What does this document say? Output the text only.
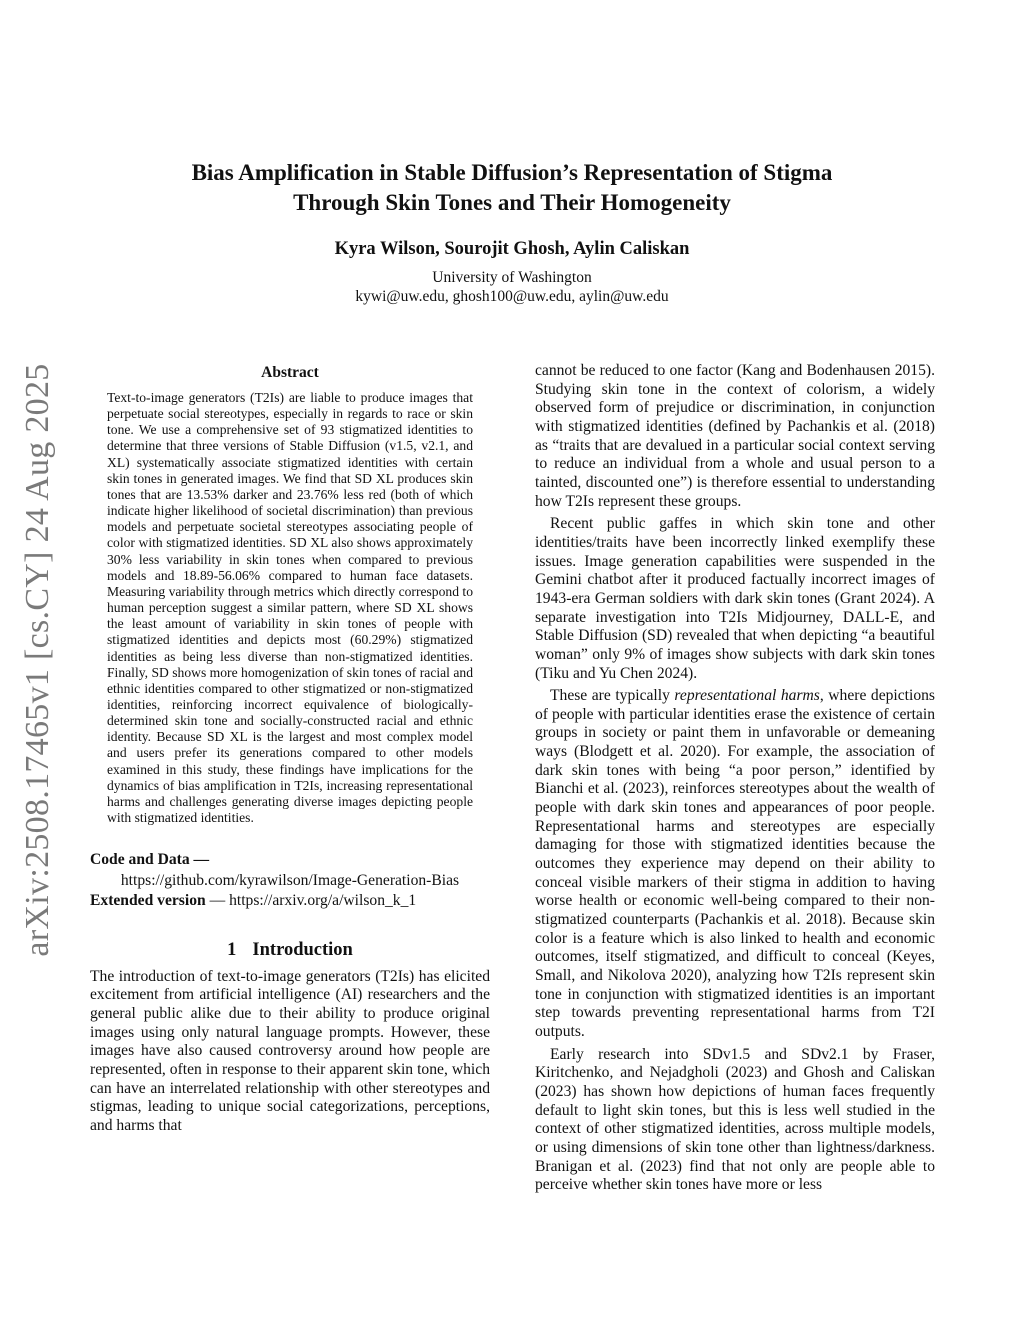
arXiv:2508.17465v1 [cs.CY] 24 Aug 2025
Bias Amplification in Stable Diffusion’s Representation of Stigma
Through Skin Tones and Their Homogeneity
Kyra Wilson, Sourojit Ghosh, Aylin Caliskan
University of Washington
kywi@uw.edu, ghosh100@uw.edu, aylin@uw.edu
Abstract

Text-to-image generators (T2Is) are liable to produce images that perpetuate social stereotypes, especially in regards to race or skin tone. We use a comprehensive set of 93 stigmatized identities to determine that three versions of Stable Diffusion (v1.5, v2.1, and XL) systematically associate stigmatized identities with certain skin tones in generated images. We find that SD XL produces skin tones that are 13.53% darker and 23.76% less red (both of which indicate higher likelihood of societal discrimination) than previous models and perpetuate societal stereotypes associating people of color with stigmatized identities. SD XL also shows approximately 30% less variability in skin tones when compared to previous models and 18.89-56.06% compared to human face datasets. Measuring variability through metrics which directly correspond to human perception suggest a similar pattern, where SD XL shows the least amount of variability in skin tones of people with stigmatized identities and depicts most (60.29%) stigmatized identities as being less diverse than non-stigmatized identities. Finally, SD shows more homogenization of skin tones of racial and ethnic identities compared to other stigmatized or non-stigmatized identities, reinforcing incorrect equivalence of biologically-determined skin tone and socially-constructed racial and ethnic identity. Because SD XL is the largest and most complex model and users prefer its generations compared to other models examined in this study, these findings have implications for the dynamics of bias amplification in T2Is, increasing representational harms and challenges generating diverse images depicting people with stigmatized identities.

Code and Data —
https://github.com/kyrawilson/Image-Generation-Bias
Extended version — https://arxiv.org/a/wilson_k_1
1 Introduction

The introduction of text-to-image generators (T2Is) has elicited excitement from artificial intelligence (AI) researchers and the general public alike due to their ability to produce original images using only natural language prompts. However, these images have also caused controversy around how people are represented, often in response to their apparent skin tone, which can have an interrelated relationship with other stereotypes and stigmas, leading to unique social categorizations, perceptions, and harms that

cannot be reduced to one factor (Kang and Bodenhausen 2015). Studying skin tone in the context of colorism, a widely observed form of prejudice or discrimination, in conjunction with stigmatized identities (defined by Pachankis et al. (2018) as “traits that are devalued in a particular social context serving to reduce an individual from a whole and usual person to a tainted, discounted one”) is therefore essential to understanding how T2Is represent these groups.

Recent public gaffes in which skin tone and other identities/traits have been incorrectly linked exemplify these issues. Image generation capabilities were suspended in the Gemini chatbot after it produced factually incorrect images of 1943-era German soldiers with dark skin tones (Grant 2024). A separate investigation into T2Is Midjourney, DALL-E, and Stable Diffusion (SD) revealed that when depicting “a beautiful woman” only 9% of images show subjects with dark skin tones (Tiku and Yu Chen 2024).

These are typically representational harms, where depictions of people with particular identities erase the existence of certain groups in society or paint them in unfavorable or demeaning ways (Blodgett et al. 2020). For example, the association of dark skin tones with being “a poor person,” identified by Bianchi et al. (2023), reinforces stereotypes about the wealth of people with dark skin tones and appearances of poor people. Representational harms and stereotypes are especially damaging for those with stigmatized identities because the outcomes they experience may depend on their ability to conceal visible markers of their stigma in addition to having worse health or economic well-being compared to their non-stigmatized counterparts (Pachankis et al. 2018). Because skin color is a feature which is also linked to health and economic outcomes, itself stigmatized, and difficult to conceal (Keyes, Small, and Nikolova 2020), analyzing how T2Is represent skin tone in conjunction with stigmatized identities is an important step towards preventing representational harms from T2I outputs.

Early research into SDv1.5 and SDv2.1 by Fraser, Kiritchenko, and Nejadgholi (2023) and Ghosh and Caliskan (2023) has shown how depictions of human faces frequently default to light skin tones, but this is less well studied in the context of other stigmatized identities, across multiple models, or using dimensions of skin tone other than lightness/darkness. Branigan et al. (2023) find that not only are people able to perceive whether skin tones have more or less
